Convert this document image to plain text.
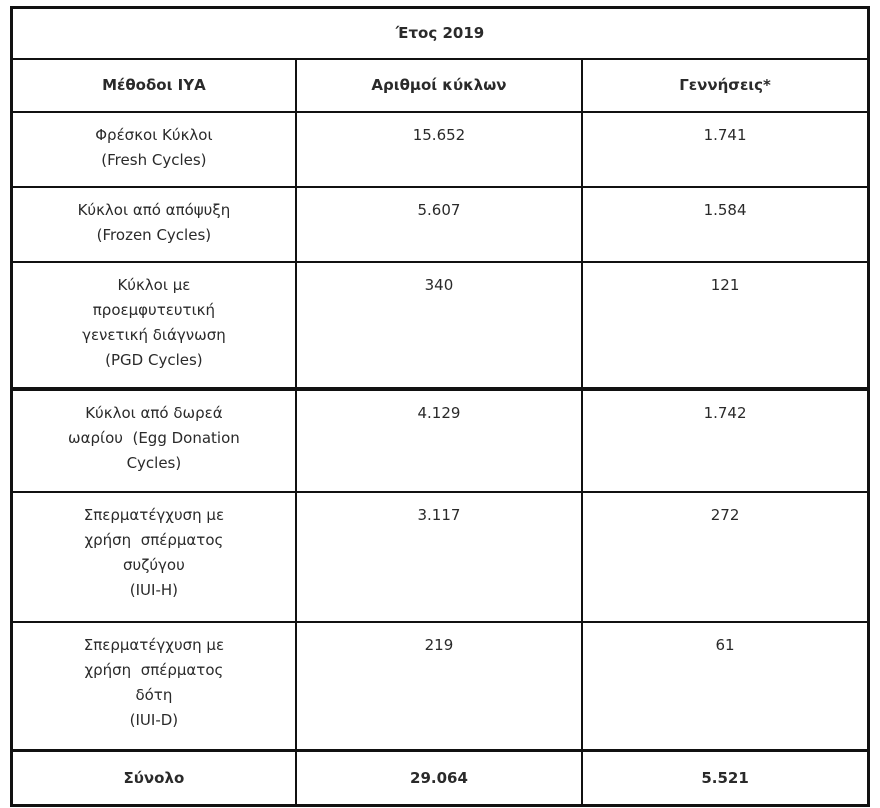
Έτος 2019		
Μέθοδοι ΙΥΑ	Αριθμοί κύκλων	Γεννήσεις*

Φρέσκοι Κύκλοι
(Fresh Cycles)	15.652	1.741

Κύκλοι από απόψυξη
(Frozen Cycles)	5.607	1.584

Κύκλοι με
προεμφυτευτική
γενετική διάγνωση
(PGD Cycles)	340	121

Κύκλοι από δωρεά
ωαρίου  (Egg Donation
Cycles)	4.129	1.742

Σπερματέγχυση με
χρήση  σπέρματος
συζύγου
(IUI-H)	3.117	272

Σπερματέγχυση με
χρήση  σπέρματος
δότη
(IUI-D)	219	61
Σύνολο	29.064	5.521
